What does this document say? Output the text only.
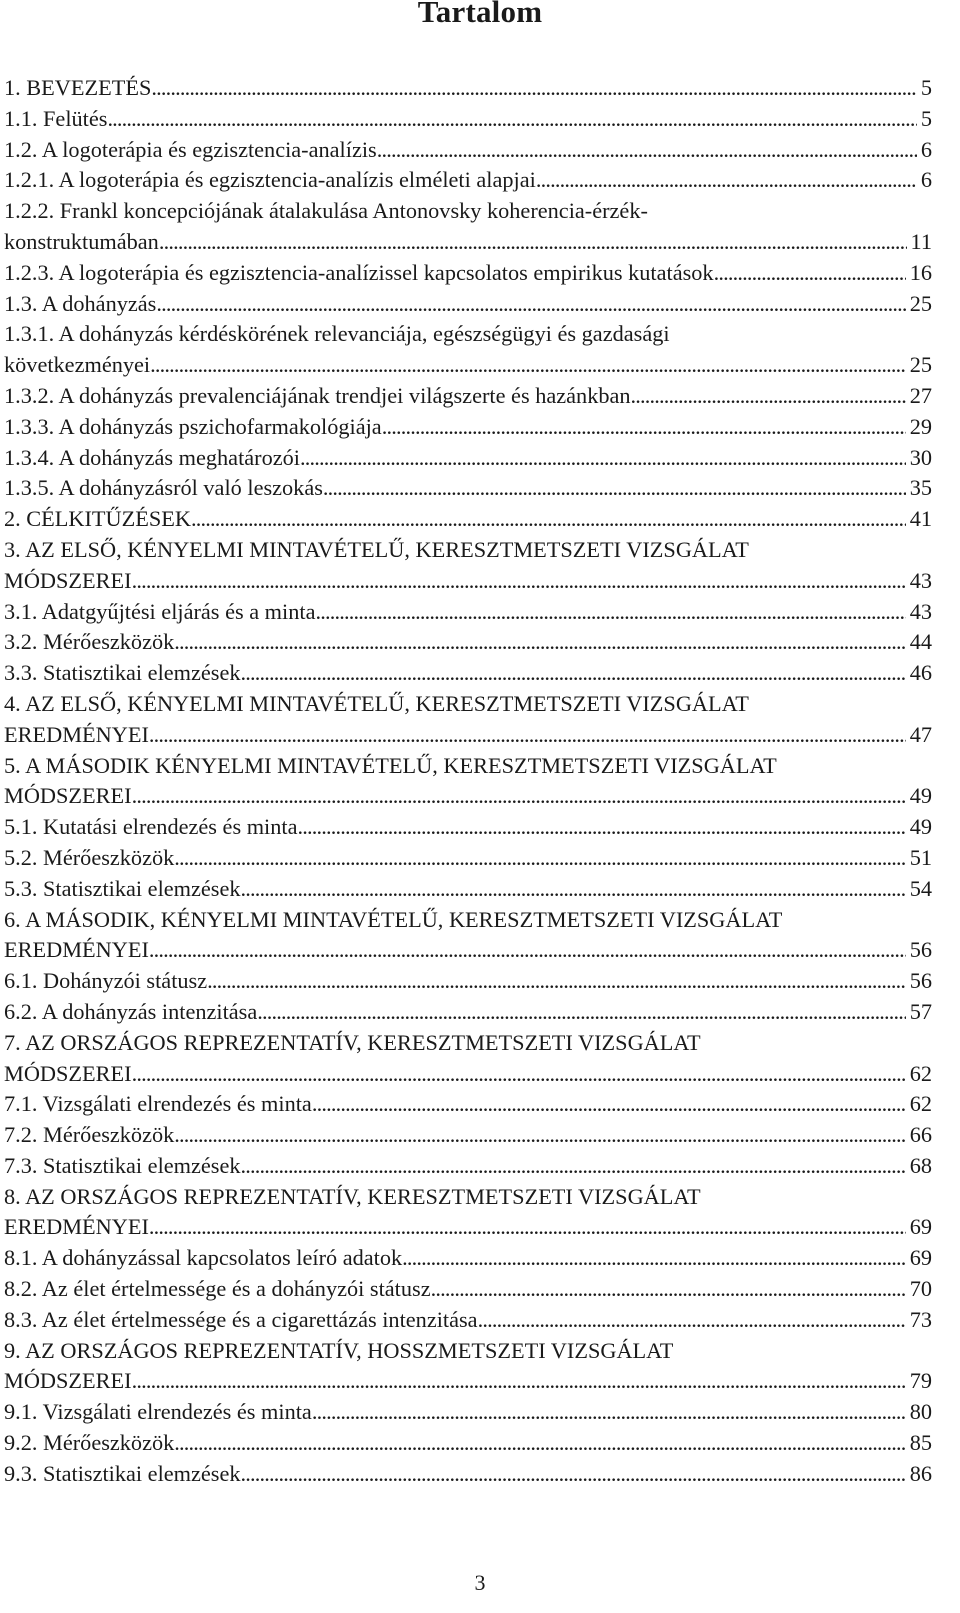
Tartalom
1. BEVEZETÉS . . .	5
1.1. Felütés . . .	5
1.2. A logoterápia és egzisztencia-analízis . . .	6
1.2.1. A logoterápia és egzisztencia-analízis elméleti alapjai . . .	6
1.2.2. Frankl koncepciójának átalakulása Antonovsky koherencia-érzék-
konstruktumában . . .	11
1.2.3. A logoterápia és egzisztencia-analízissel kapcsolatos empirikus kutatások . . .	16
1.3. A dohányzás . . .	25
1.3.1. A dohányzás kérdéskörének relevanciája, egészségügyi és gazdasági
következményei . . .	25
1.3.2. A dohányzás prevalenciájának trendjei világszerte és hazánkban . . .	27
1.3.3. A dohányzás pszichofarmakológiája . . .	29
1.3.4. A dohányzás meghatározói . . .	30
1.3.5. A dohányzásról való leszokás . . .	35
2. CÉLKITŰZÉSEK . . .	41
3. AZ ELSŐ, KÉNYELMI MINTAVÉTELŰ, KERESZTMETSZETI VIZSGÁLAT
MÓDSZEREI . . .	43
3.1. Adatgyűjtési eljárás és a minta . . .	43
3.2. Mérőeszközök . . .	44
3.3. Statisztikai elemzések . . .	46
4. AZ ELSŐ, KÉNYELMI MINTAVÉTELŰ, KERESZTMETSZETI VIZSGÁLAT
EREDMÉNYEI . . .	47
5. A MÁSODIK KÉNYELMI MINTAVÉTELŰ, KERESZTMETSZETI VIZSGÁLAT
MÓDSZEREI . . .	49
5.1. Kutatási elrendezés és minta . . .	49
5.2. Mérőeszközök . . .	51
5.3. Statisztikai elemzések . . .	54
6. A MÁSODIK, KÉNYELMI MINTAVÉTELŰ, KERESZTMETSZETI VIZSGÁLAT
EREDMÉNYEI . . .	56
6.1. Dohányzói státusz . . .	56
6.2. A dohányzás intenzitása . . .	57
7. AZ ORSZÁGOS REPREZENTATÍV, KERESZTMETSZETI VIZSGÁLAT
MÓDSZEREI . . .	62
7.1. Vizsgálati elrendezés és minta . . .	62
7.2. Mérőeszközök . . .	66
7.3. Statisztikai elemzések . . .	68
8. AZ ORSZÁGOS REPREZENTATÍV, KERESZTMETSZETI VIZSGÁLAT
EREDMÉNYEI . . .	69
8.1. A dohányzással kapcsolatos leíró adatok . . .	69
8.2. Az élet értelmessége és a dohányzói státusz . . .	70
8.3. Az élet értelmessége és a cigarettázás intenzitása . . .	73
9. AZ ORSZÁGOS REPREZENTATÍV, HOSSZMETSZETI VIZSGÁLAT
MÓDSZEREI . . .	79
9.1. Vizsgálati elrendezés és minta . . .	80
9.2. Mérőeszközök . . .	85
9.3. Statisztikai elemzések . . .	86
3
